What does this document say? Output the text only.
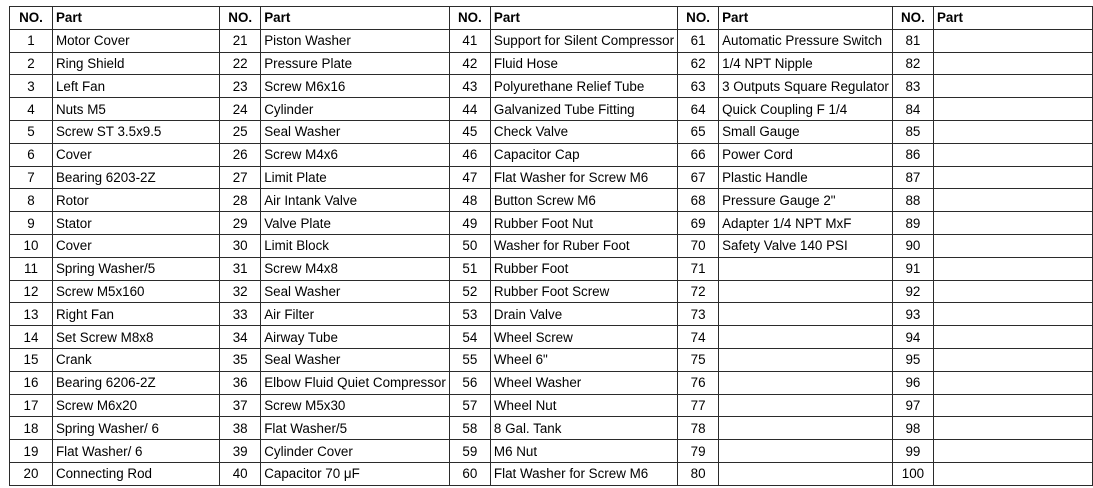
NO.	Part	NO.	Part	NO.	Part	NO.	Part	NO.	Part
1	Motor Cover	21	Piston Washer	41	Support for Silent Compressor	61	Automatic Pressure Switch	81	
2	Ring Shield	22	Pressure Plate	42	Fluid Hose	62	1/4 NPT Nipple	82	
3	Left Fan	23	Screw M6x16	43	Polyurethane Relief Tube	63	3 Outputs Square Regulator	83	
4	Nuts M5	24	Cylinder	44	Galvanized Tube Fitting	64	Quick Coupling F 1/4	84	
5	Screw ST 3.5x9.5	25	Seal Washer	45	Check Valve	65	Small Gauge	85	
6	Cover	26	Screw M4x6	46	Capacitor Cap	66	Power Cord	86	
7	Bearing 6203-2Z	27	Limit Plate	47	Flat Washer for Screw M6	67	Plastic Handle	87	
8	Rotor	28	Air Intank Valve	48	Button Screw M6	68	Pressure Gauge 2"	88	
9	Stator	29	Valve Plate	49	Rubber Foot Nut	69	Adapter 1/4 NPT MxF	89	
10	Cover	30	Limit Block	50	Washer for Ruber Foot	70	Safety Valve 140 PSI	90	
11	Spring Washer/5	31	Screw M4x8	51	Rubber Foot	71		91	
12	Screw M5x160	32	Seal Washer	52	Rubber Foot Screw	72		92	
13	Right Fan	33	Air Filter	53	Drain Valve	73		93	
14	Set Screw M8x8	34	Airway Tube	54	Wheel Screw	74		94	
15	Crank	35	Seal Washer	55	Wheel 6"	75		95	
16	Bearing 6206-2Z	36	Elbow Fluid Quiet Compressor	56	Wheel Washer	76		96	
17	Screw M6x20	37	Screw M5x30	57	Wheel Nut	77		97	
18	Spring Washer/ 6	38	Flat Washer/5	58	8 Gal. Tank	78		98	
19	Flat Washer/ 6	39	Cylinder Cover	59	M6 Nut	79		99	
20	Connecting Rod	40	Capacitor 70 μF	60	Flat Washer for Screw M6	80		100	
